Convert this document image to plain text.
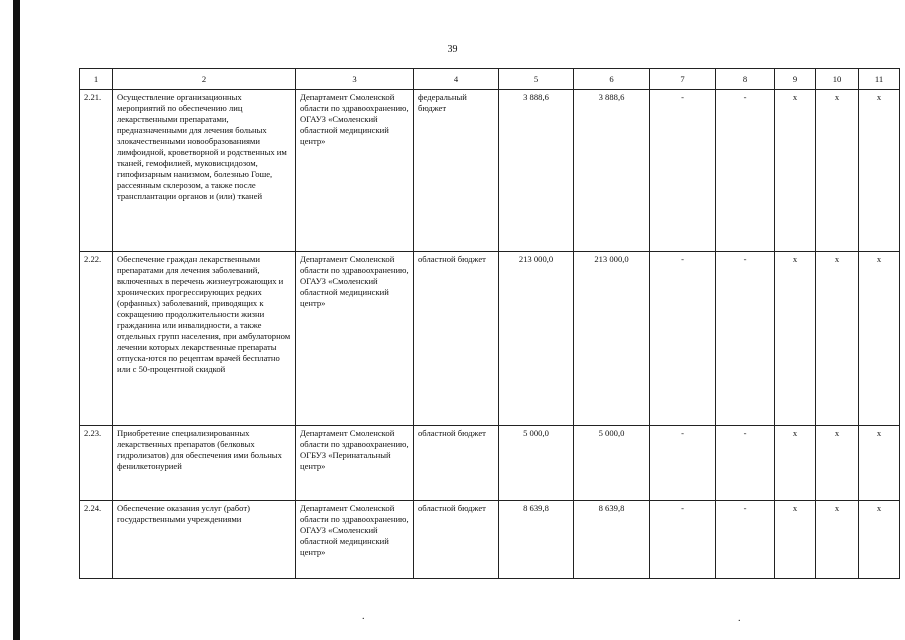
39
1	2	3	4	5	6	7	8	9	10	11
2.21.	Осуществление организационных мероприятий по обеспечению лиц лекарственными препаратами, предназначенными для лечения больных злокачественными новообразованиями лимфоидной, кроветворной и родственных им тканей, гемофилией, муковисцидозом, гипофизарным нанизмом, болезнью Гоше, рассеянным склерозом, а также после трансплантации органов и (или) тканей	Департамент Смоленской области по здравоохранению, ОГАУЗ «Смоленский областной медицинский центр»	федеральный бюджет	3 888,6	3 888,6	-	-	х	х	х
2.22.	Обеспечение граждан лекарственными препаратами для лечения заболеваний, включенных в перечень жизнеугрожающих и хронических прогрессирующих редких (орфанных) заболеваний, приводящих к сокращению продолжительности жизни гражданина или инвалидности, а также отдельных групп населения, при амбулаторном лечении которых лекарственные препараты отпуска-ются по рецептам врачей бесплатно или с 50-процентной скидкой	Департамент Смоленской области по здравоохранению, ОГАУЗ «Смоленский областной медицинский центр»	областной бюджет	213 000,0	213 000,0	-	-	х	х	х
2.23.	Приобретение специализированных лекарственных препаратов (белковых гидролизатов) для обеспечения ими больных фенилкетонурией	Департамент Смоленской области по здравоохранению, ОГБУЗ «Перинатальный центр»	областной бюджет	5 000,0	5 000,0	-	-	х	х	х
2.24.	Обеспечение оказания услуг (работ) государственными учреждениями	Департамент Смоленской области по здравоохранению, ОГАУЗ «Смоленский областной медицинский центр»	областной бюджет	8 639,8	8 639,8	-	-	х	х	х
.	.
